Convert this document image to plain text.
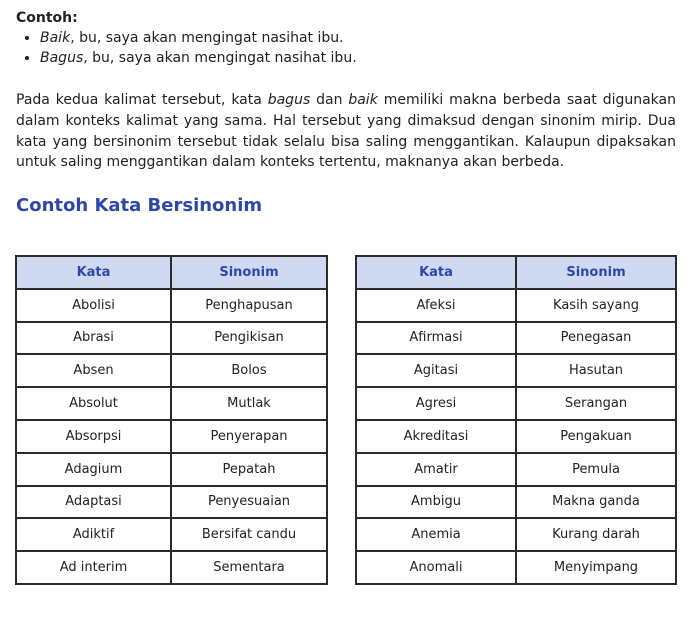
Contoh:

• Baik, bu, saya akan mengingat nasihat ibu.
• Bagus, bu, saya akan mengingat nasihat ibu.

Pada kedua kalimat tersebut, kata bagus dan baik memiliki makna berbeda saat digunakan dalam konteks kalimat yang sama. Hal tersebut yang dimaksud dengan sinonim mirip. Dua kata yang bersinonim tersebut tidak selalu bisa saling menggantikan. Kalaupun dipaksakan untuk saling menggantikan dalam konteks tertentu, maknanya akan berbeda.

Contoh Kata Bersinonim
Kata	Sinonim
Abolisi	Penghapusan
Abrasi	Pengikisan
Absen	Bolos
Absolut	Mutlak
Absorpsi	Penyerapan
Adagium	Pepatah
Adaptasi	Penyesuaian
Adiktif	Bersifat candu
Ad interim	Sementara
Kata	Sinonim
Afeksi	Kasih sayang
Afirmasi	Penegasan
Agitasi	Hasutan
Agresi	Serangan
Akreditasi	Pengakuan
Amatir	Pemula
Ambigu	Makna ganda
Anemia	Kurang darah
Anomali	Menyimpang
